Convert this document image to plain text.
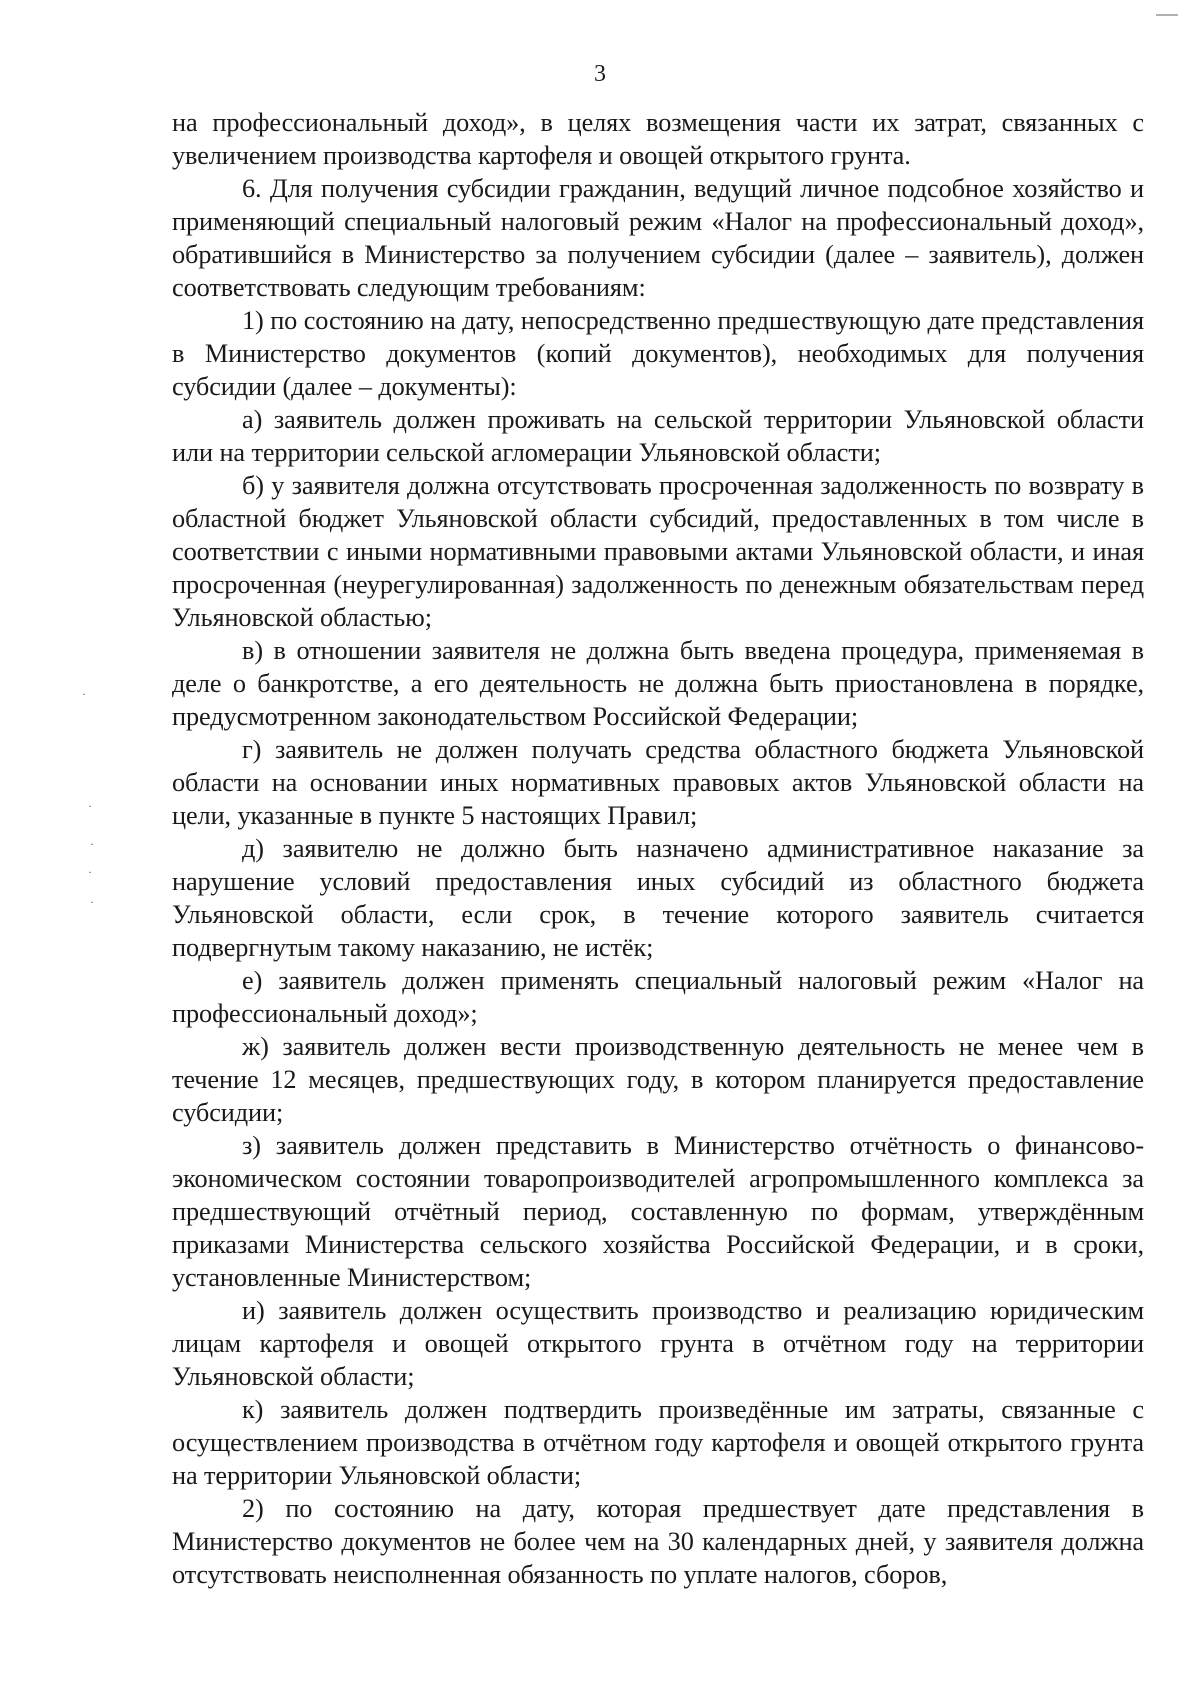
3

на профессиональный доход», в целях возмещения части их затрат, связанных с увеличением производства картофеля и овощей открытого грунта.

6. Для получения субсидии гражданин, ведущий личное подсобное хозяйство и применяющий специальный налоговый режим «Налог на профессиональный доход», обратившийся в Министерство за получением субсидии (далее – заявитель), должен соответствовать следующим требованиям:

1) по состоянию на дату, непосредственно предшествующую дате представления в Министерство документов (копий документов), необходимых для получения субсидии (далее – документы):

а) заявитель должен проживать на сельской территории Ульяновской области или на территории сельской агломерации Ульяновской области;

б) у заявителя должна отсутствовать просроченная задолженность по возврату в областной бюджет Ульяновской области субсидий, предоставленных в том числе в соответствии с иными нормативными правовыми актами Ульяновской области, и иная просроченная (неурегулированная) задолженность по денежным обязательствам перед Ульяновской областью;

в) в отношении заявителя не должна быть введена процедура, применяемая в деле о банкротстве, а его деятельность не должна быть приостановлена в порядке, предусмотренном законодательством Российской Федерации;

г) заявитель не должен получать средства областного бюджета Ульяновской области на основании иных нормативных правовых актов Ульяновской области на цели, указанные в пункте 5 настоящих Правил;

д) заявителю не должно быть назначено административное наказание за нарушение условий предоставления иных субсидий из областного бюджета Ульяновской области, если срок, в течение которого заявитель считается подвергнутым такому наказанию, не истёк;

е) заявитель должен применять специальный налоговый режим «Налог на профессиональный доход»;

ж) заявитель должен вести производственную деятельность не менее чем в течение 12 месяцев, предшествующих году, в котором планируется предоставление субсидии;

з) заявитель должен представить в Министерство отчётность о финансово-экономическом состоянии товаропроизводителей агропромышленного комплекса за предшествующий отчётный период, составленную по формам, утверждённым приказами Министерства сельского хозяйства Российской Федерации, и в сроки, установленные Министерством;

и) заявитель должен осуществить производство и реализацию юридическим лицам картофеля и овощей открытого грунта в отчётном году на территории Ульяновской области;

к) заявитель должен подтвердить произведённые им затраты, связанные с осуществлением производства в отчётном году картофеля и овощей открытого грунта на территории Ульяновской области;

2) по состоянию на дату, которая предшествует дате представления в Министерство документов не более чем на 30 календарных дней, у заявителя должна отсутствовать неисполненная обязанность по уплате налогов, сборов,

·
·
·
·
·
